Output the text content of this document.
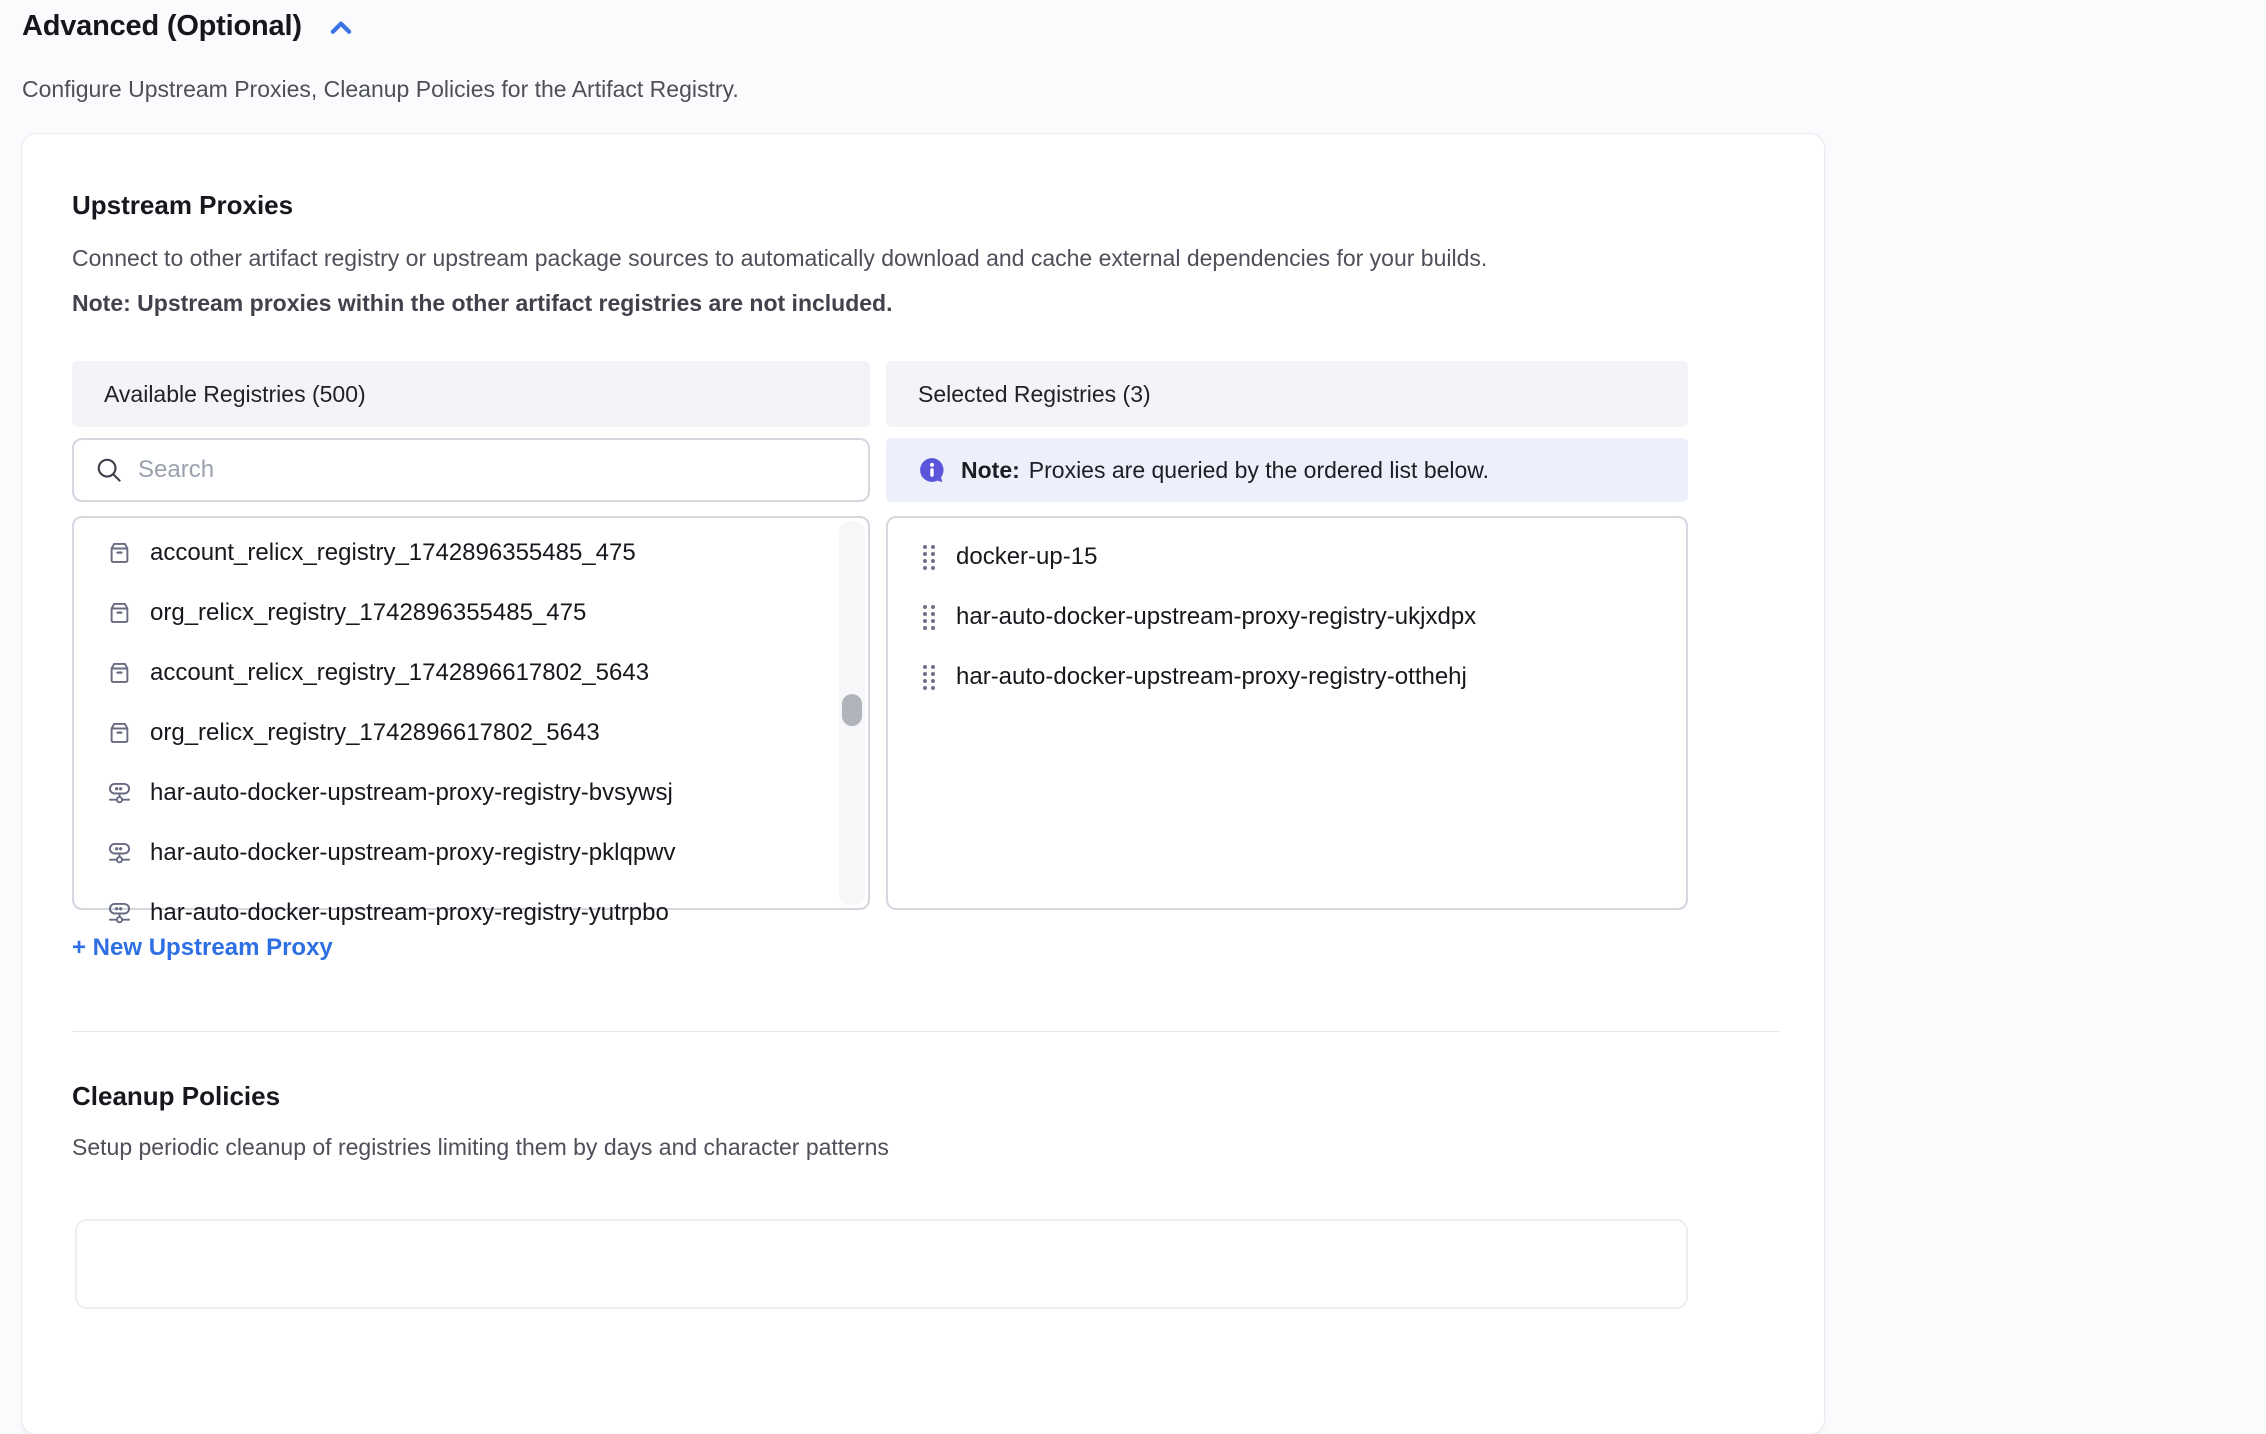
Advanced (Optional)
Configure Upstream Proxies, Cleanup Policies for the Artifact Registry.
Upstream Proxies
Connect to other artifact registry or upstream package sources to automatically download and cache external dependencies for your builds.
Note: Upstream proxies within the other artifact registries are not included.
Available Registries (500)
Search
account_relicx_registry_1742896355485_475
org_relicx_registry_1742896355485_475
account_relicx_registry_1742896617802_5643
org_relicx_registry_1742896617802_5643
har-auto-docker-upstream-proxy-registry-bvsywsj
har-auto-docker-upstream-proxy-registry-pklqpwv
har-auto-docker-upstream-proxy-registry-yutrpbo
Selected Registries (3)
Note: Proxies are queried by the ordered list below.
docker-up-15
har-auto-docker-upstream-proxy-registry-ukjxdpx
har-auto-docker-upstream-proxy-registry-otthehj
+ New Upstream Proxy
Cleanup Policies
Setup periodic cleanup of registries limiting them by days and character patterns
